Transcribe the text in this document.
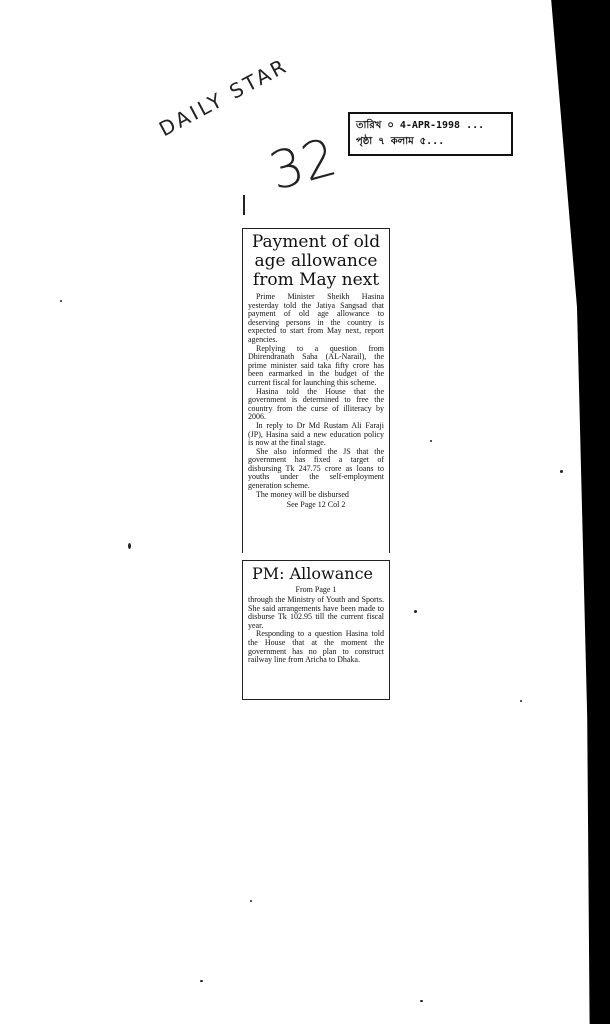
DAILY STAR
32
তারিখ ০ 4-APR-1998 ...
পৃষ্ঠা ৭ কলাম ৫...
Payment of old age allowance from May next

Prime Minister Sheikh Hasina yesterday told the Jatiya Sangsad that payment of old age allowance to deserving persons in the country is expected to start from May next, report agencies.

Replying to a question from Dhirendranath Saha (AL-Narail), the prime minister said taka fifty crore has been earmarked in the budget of the current fiscal for launching this scheme.

Hasina told the House that the government is determined to free the country from the curse of illiteracy by 2006.

In reply to Dr Md Rustam Ali Faraji (JP), Hasina said a new education policy is now at the final stage.

She also informed the JS that the government has fixed a target of disbursing Tk 247.75 crore as loans to youths under the self-employment generation scheme.

The money will be disbursed

See Page 12 Col 2
PM: Allowance
From Page 1

through the Ministry of Youth and Sports. She said arrangements have been made to disburse Tk 102.95 till the current fiscal year.

Responding to a question Hasina told the House that at the moment the government has no plan to construct railway line from Aricha to Dhaka.
